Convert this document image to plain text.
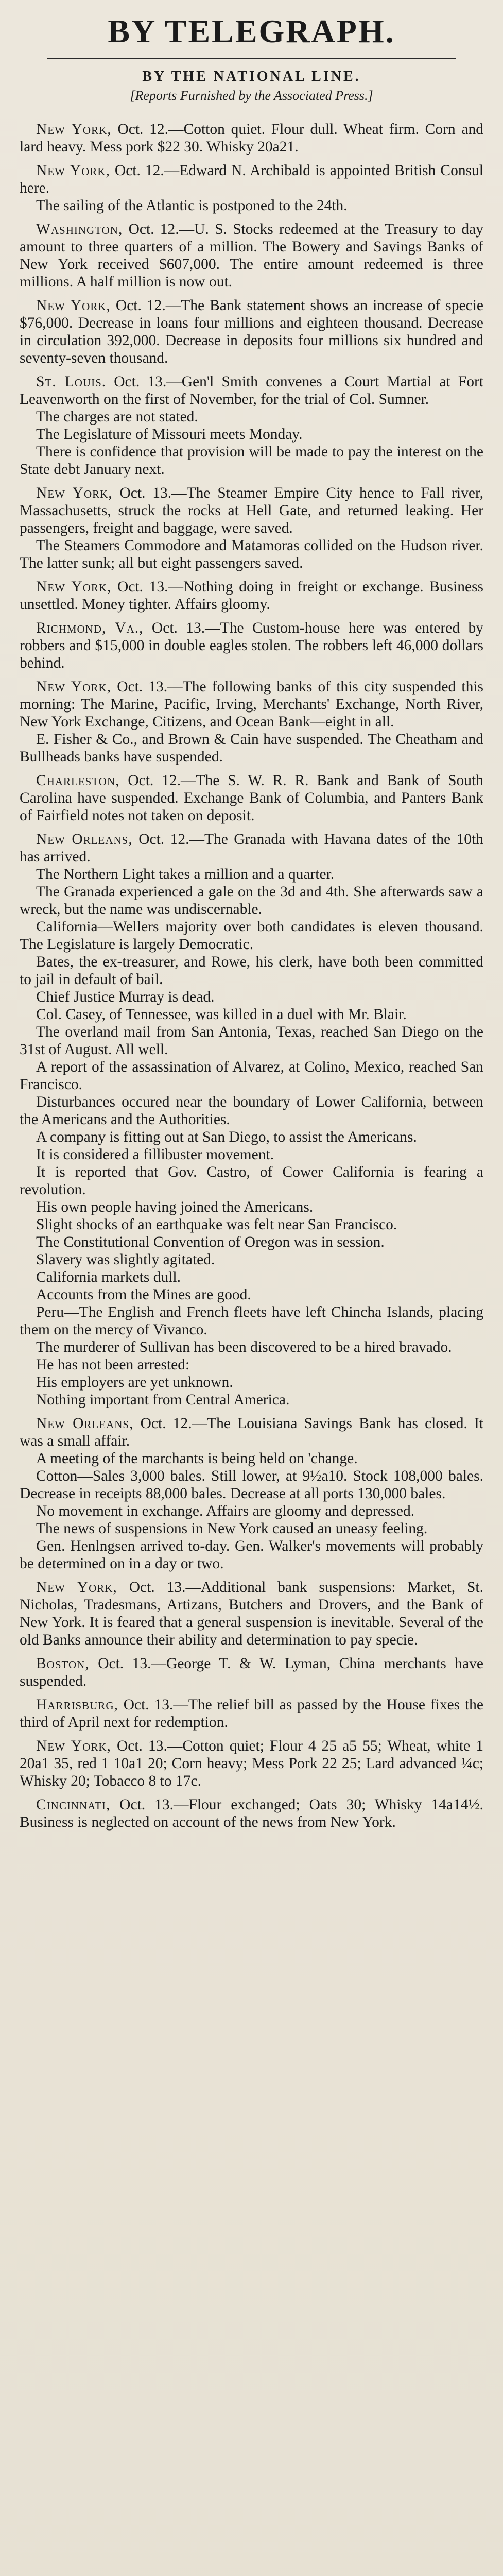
BY TELEGRAPH.
BY THE NATIONAL LINE.
[Reports Furnished by the Associated Press.]

New York, Oct. 12.—Cotton quiet. Flour dull. Wheat firm. Corn and lard heavy. Mess pork $22 30. Whisky 20a21.

New York, Oct. 12.—Edward N. Archibald is appointed British Consul here.

The sailing of the Atlantic is postponed to the 24th.

Washington, Oct. 12.—U. S. Stocks redeemed at the Treasury to day amount to three quarters of a million. The Bowery and Savings Banks of New York received $607,000. The entire amount redeemed is three millions. A half million is now out.

New York, Oct. 12.—The Bank statement shows an increase of specie $76,000. Decrease in loans four millions and eighteen thousand. Decrease in circulation 392,000. Decrease in deposits four millions six hundred and seventy-seven thousand.

St. Louis. Oct. 13.—Gen'l Smith convenes a Court Martial at Fort Leavenworth on the first of November, for the trial of Col. Sumner.

The charges are not stated.

The Legislature of Missouri meets Monday.

There is confidence that provision will be made to pay the interest on the State debt January next.

New York, Oct. 13.—The Steamer Empire City hence to Fall river, Massachusetts, struck the rocks at Hell Gate, and returned leaking. Her passengers, freight and baggage, were saved.

The Steamers Commodore and Matamoras collided on the Hudson river. The latter sunk; all but eight passengers saved.

New York, Oct. 13.—Nothing doing in freight or exchange. Business unsettled. Money tighter. Affairs gloomy.

Richmond, Va., Oct. 13.—The Custom-house here was entered by robbers and $15,000 in double eagles stolen. The robbers left 46,000 dollars behind.

New York, Oct. 13.—The following banks of this city suspended this morning: The Marine, Pacific, Irving, Merchants' Exchange, North River, New York Exchange, Citizens, and Ocean Bank—eight in all.

E. Fisher & Co., and Brown & Cain have suspended. The Cheatham and Bullheads banks have suspended.

Charleston, Oct. 12.—The S. W. R. R. Bank and Bank of South Carolina have suspended. Exchange Bank of Columbia, and Panters Bank of Fairfield notes not taken on deposit.

New Orleans, Oct. 12.—The Granada with Havana dates of the 10th has arrived.

The Northern Light takes a million and a quarter.

The Granada experienced a gale on the 3d and 4th. She afterwards saw a wreck, but the name was undiscernable.

California—Wellers majority over both candidates is eleven thousand. The Legislature is largely Democratic.

Bates, the ex-treasurer, and Rowe, his clerk, have both been committed to jail in default of bail.

Chief Justice Murray is dead.

Col. Casey, of Tennessee, was killed in a duel with Mr. Blair.

The overland mail from San Antonia, Texas, reached San Diego on the 31st of August. All well.

A report of the assassination of Alvarez, at Colino, Mexico, reached San Francisco.

Disturbances occured near the boundary of Lower California, between the Americans and the Authorities.

A company is fitting out at San Diego, to assist the Americans.

It is considered a fillibuster movement.

It is reported that Gov. Castro, of Cower California is fearing a revolution.

His own people having joined the Americans.

Slight shocks of an earthquake was felt near San Francisco.

The Constitutional Convention of Oregon was in session.

Slavery was slightly agitated.

California markets dull.

Accounts from the Mines are good.

Peru—The English and French fleets have left Chincha Islands, placing them on the mercy of Vivanco.

The murderer of Sullivan has been discovered to be a hired bravado.

He has not been arrested:

His employers are yet unknown.

Nothing important from Central America.

New Orleans, Oct. 12.—The Louisiana Savings Bank has closed. It was a small affair.

A meeting of the marchants is being held on 'change.

Cotton—Sales 3,000 bales. Still lower, at 9½a10. Stock 108,000 bales. Decrease in receipts 88,000 bales. Decrease at all ports 130,000 bales.

No movement in exchange. Affairs are gloomy and depressed.

The news of suspensions in New York caused an uneasy feeling.

Gen. Henlngsen arrived to-day. Gen. Walker's movements will probably be determined on in a day or two.

New York, Oct. 13.—Additional bank suspensions: Market, St. Nicholas, Tradesmans, Artizans, Butchers and Drovers, and the Bank of New York. It is feared that a general suspension is inevitable. Several of the old Banks announce their ability and determination to pay specie.

Boston, Oct. 13.—George T. & W. Lyman, China merchants have suspended.

Harrisburg, Oct. 13.—The relief bill as passed by the House fixes the third of April next for redemption.

New York, Oct. 13.—Cotton quiet; Flour 4 25 a5 55; Wheat, white 1 20a1 35, red 1 10a1 20; Corn heavy; Mess Pork 22 25; Lard advanced ¼c; Whisky 20; Tobacco 8 to 17c.

Cincinnati, Oct. 13.—Flour exchanged; Oats 30; Whisky 14a14½. Business is neglected on account of the news from New York.
